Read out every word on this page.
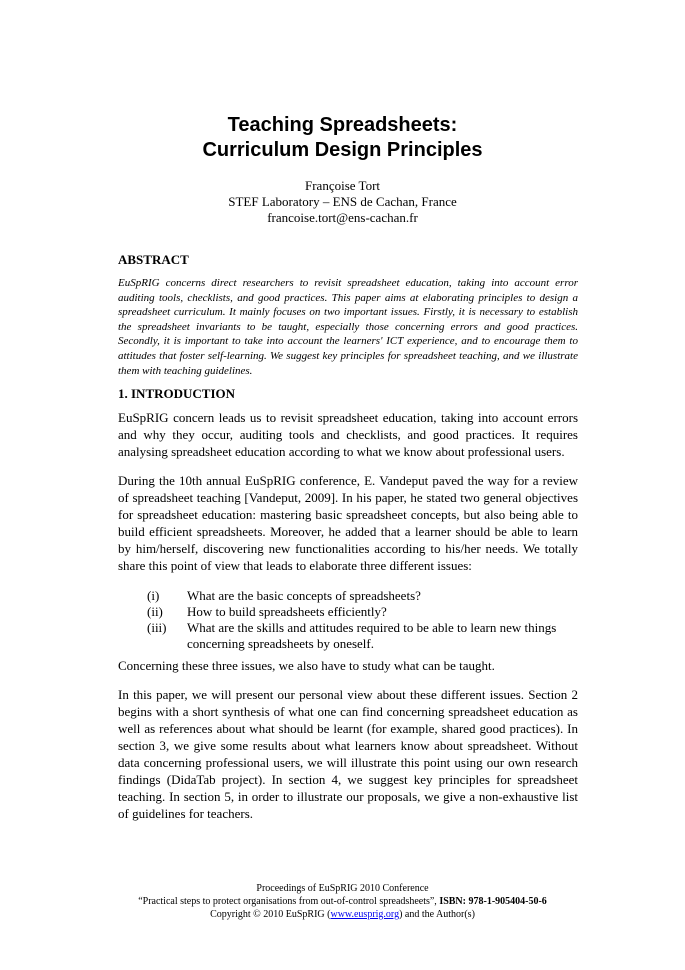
Teaching Spreadsheets:
Curriculum Design Principles

Françoise Tort

STEF Laboratory – ENS de Cachan, France

francoise.tort@ens-cachan.fr

ABSTRACT

EuSpRIG concerns direct researchers to revisit spreadsheet education, taking into account error auditing tools, checklists, and good practices. This paper aims at elaborating principles to design a spreadsheet curriculum. It mainly focuses on two important issues. Firstly, it is necessary to establish the spreadsheet invariants to be taught, especially those concerning errors and good practices. Secondly, it is important to take into account the learners' ICT experience, and to encourage them to attitudes that foster self-learning. We suggest key principles for spreadsheet teaching, and we illustrate them with teaching guidelines.

1. INTRODUCTION

EuSpRIG concern leads us to revisit spreadsheet education, taking into account errors and why they occur, auditing tools and checklists, and good practices. It requires analysing spreadsheet education according to what we know about professional users.

During the 10th annual EuSpRIG conference, E. Vandeput paved the way for a review of spreadsheet teaching [Vandeput, 2009]. In his paper, he stated two general objectives for spreadsheet education: mastering basic spreadsheet concepts, but also being able to build efficient spreadsheets. Moreover, he added that a learner should be able to learn by him/herself, discovering new functionalities according to his/her needs. We totally share this point of view that leads to elaborate three different issues:

(i)	What are the basic concepts of spreadsheets?
(ii)	How to build spreadsheets efficiently?
(iii)	What are the skills and attitudes required to be able to learn new things concerning spreadsheets by oneself.

Concerning these three issues, we also have to study what can be taught.

In this paper, we will present our personal view about these different issues. Section 2 begins with a short synthesis of what one can find concerning spreadsheet education as well as references about what should be learnt (for example, shared good practices). In section 3, we give some results about what learners know about spreadsheet. Without data concerning professional users, we will illustrate this point using our own research findings (DidaTab project). In section 4, we suggest key principles for spreadsheet teaching. In section 5, in order to illustrate our proposals, we give a non-exhaustive list of guidelines for teachers.

Proceedings of EuSpRIG 2010 Conference

“Practical steps to protect organisations from out-of-control spreadsheets”, ISBN: 978-1-905404-50-6

Copyright © 2010 EuSpRIG (www.eusprig.org) and the Author(s)
